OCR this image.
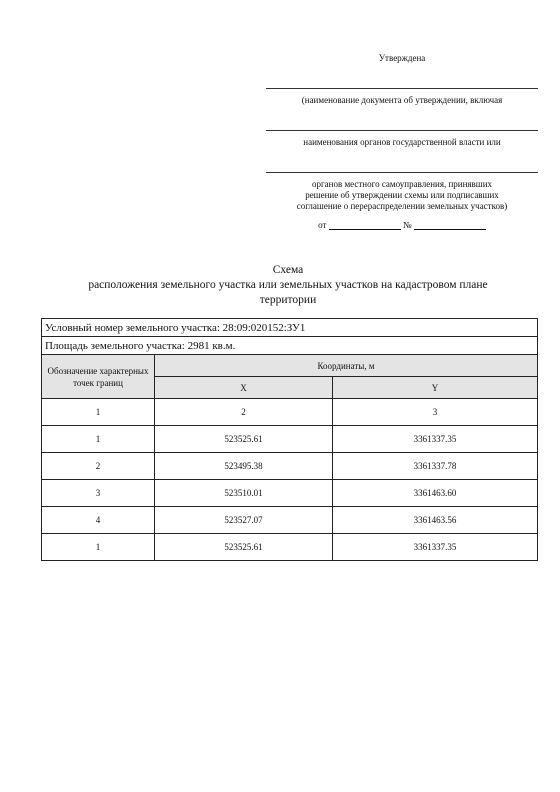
Утверждена
(наименование документа об утверждении, включая
наименования органов государственной власти или
органов местного самоуправления, принявших
решение об утверждении схемы или подписавших
соглашение о перераспределении земельных участков)
от	№
Схема
расположения земельного участка или земельных участков на кадастровом плане
территории
Условный номер земельного участка: 28:09:020152:ЗУ1		
Площадь земельного участка: 2981 кв.м.		
Обозначение характерных точек границ	Координаты, м	
	X	Y
1	2	3
1	523525.61	3361337.35
2	523495.38	3361337.78
3	523510.01	3361463.60
4	523527.07	3361463.56
1	523525.61	3361337.35
